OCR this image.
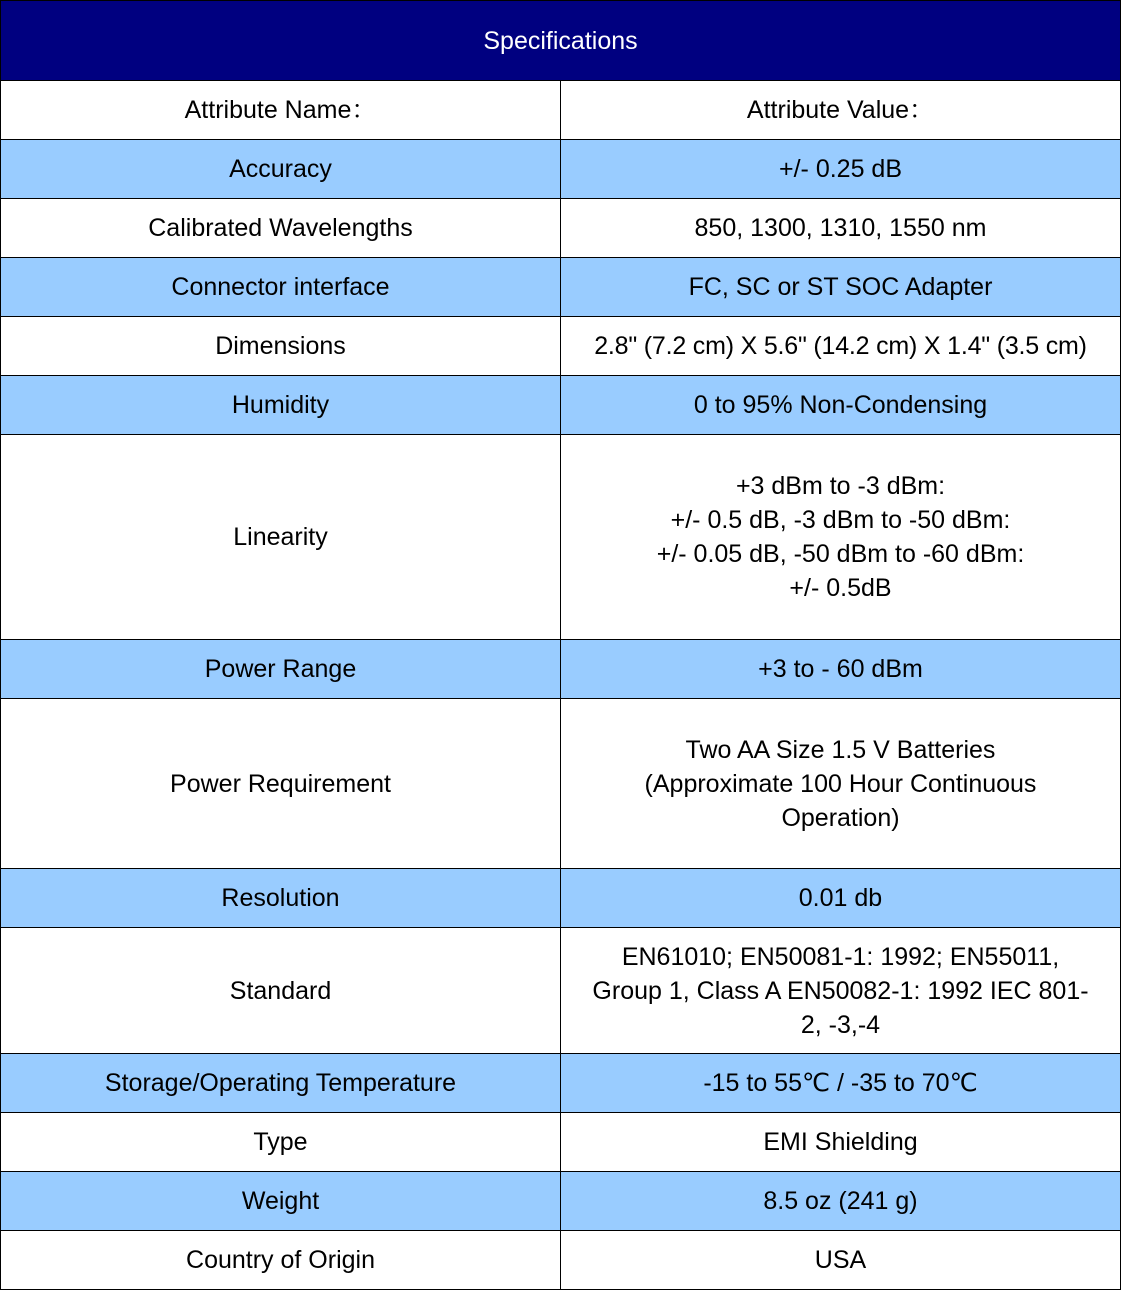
Specifications	
Attribute Name：	Attribute Value：
Accuracy	+/- 0.25 dB

Calibrated Wavelengths	850, 1300, 1310, 1550 nm

Connector interface	FC, SC or ST SOC Adapter

Dimensions	2.8" (7.2 cm) X 5.6" (14.2 cm) X 1.4" (3.5 cm)

Humidity	0 to 95% Non-Condensing

Linearity	+3 dBm to -3 dBm:
+/- 0.5 dB, -3 dBm to -50 dBm:
+/- 0.05 dB, -50 dBm to -60 dBm:
+/- 0.5dB

Power Range	+3 to - 60 dBm

Power Requirement	Two AA Size 1.5 V Batteries
(Approximate 100 Hour Continuous
Operation)

Resolution	0.01 db

Standard	EN61010; EN50081-1: 1992; EN55011,
Group 1, Class A EN50082-1: 1992 IEC 801-
2, -3,-4

Storage/Operating Temperature	-15 to 55℃ / -35 to 70℃

Type	EMI Shielding

Weight	8.5 oz (241 g)

Country of Origin	USA
